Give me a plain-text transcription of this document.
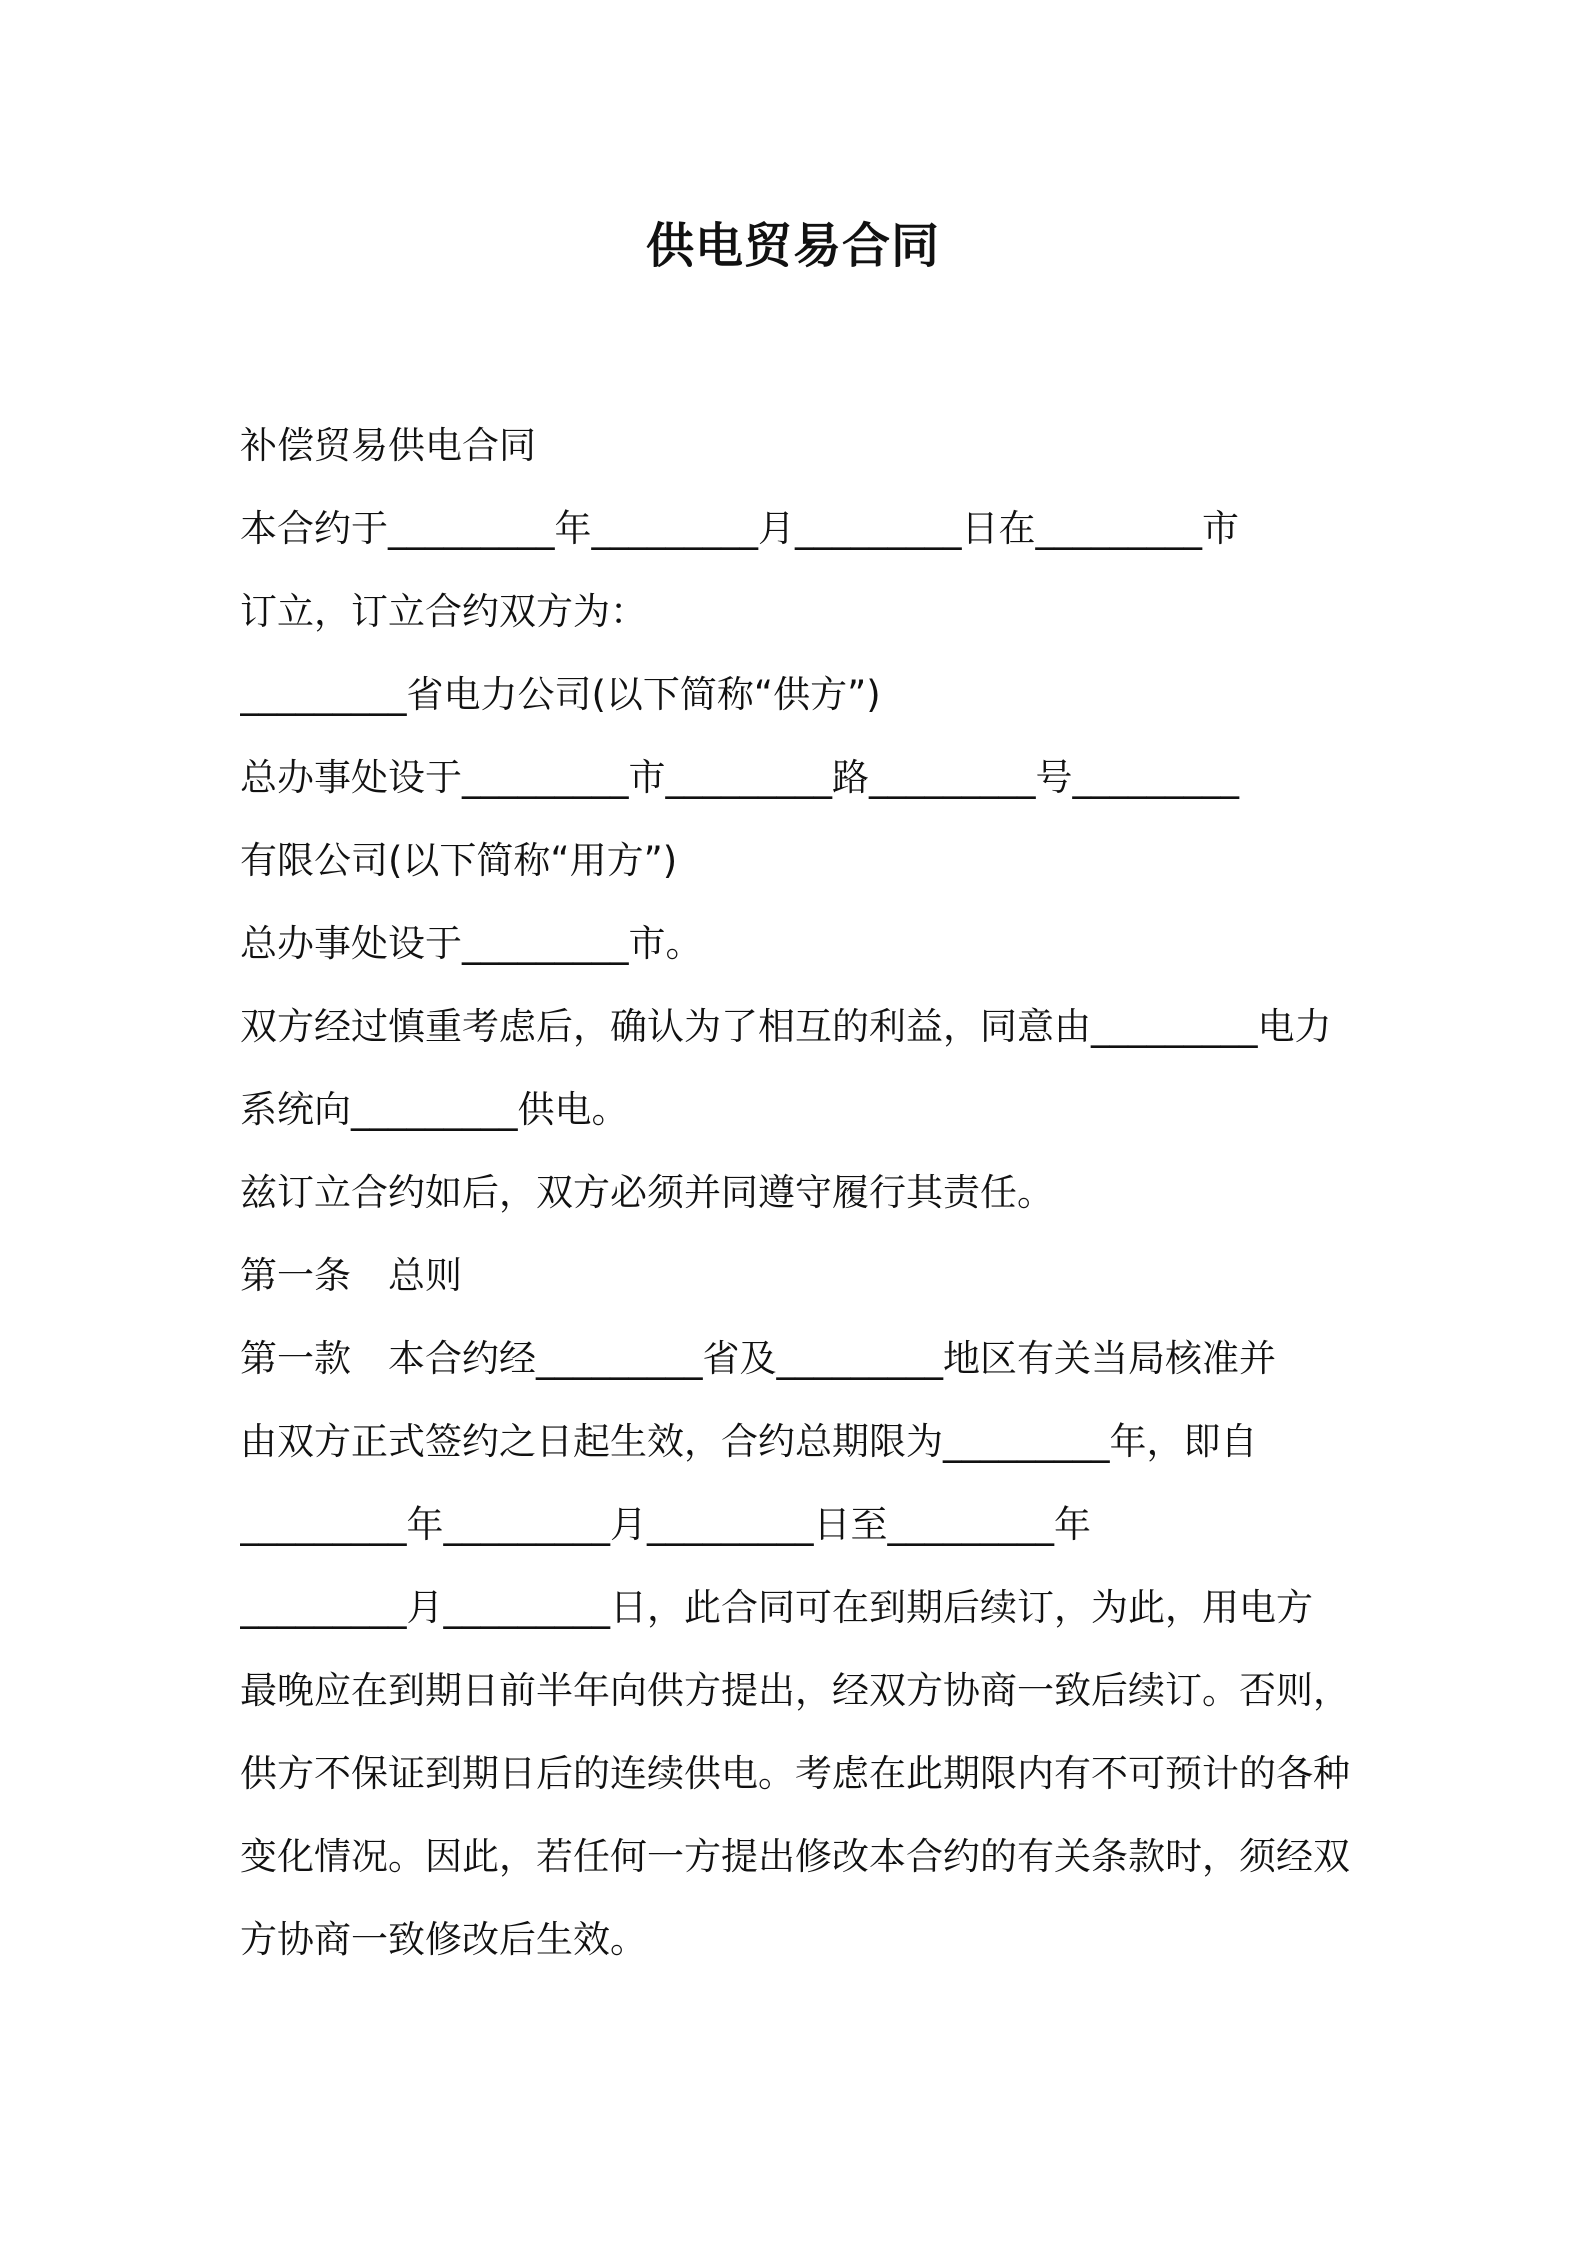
供电贸易合同
补偿贸易供电合同
本合约于_________年_________月_________日在_________市
订立，订立合约双方为：
_________省电力公司(以下简称“供方”)
总办事处设于_________市_________路_________号_________
有限公司(以下简称“用方”)
总办事处设于_________市。
双方经过慎重考虑后，确认为了相互的利益，同意由_________电力
系统向_________供电。
兹订立合约如后，双方必须并同遵守履行其责任。
第一条　总则
第一款　本合约经_________省及_________地区有关当局核准并
由双方正式签约之日起生效，合约总期限为_________年，即自
_________年_________月_________日至_________年
_________月_________日，此合同可在到期后续订，为此，用电方
最晚应在到期日前半年向供方提出，经双方协商一致后续订。否则，
供方不保证到期日后的连续供电。考虑在此期限内有不可预计的各种
变化情况。因此，若任何一方提出修改本合约的有关条款时，须经双
方协商一致修改后生效。
